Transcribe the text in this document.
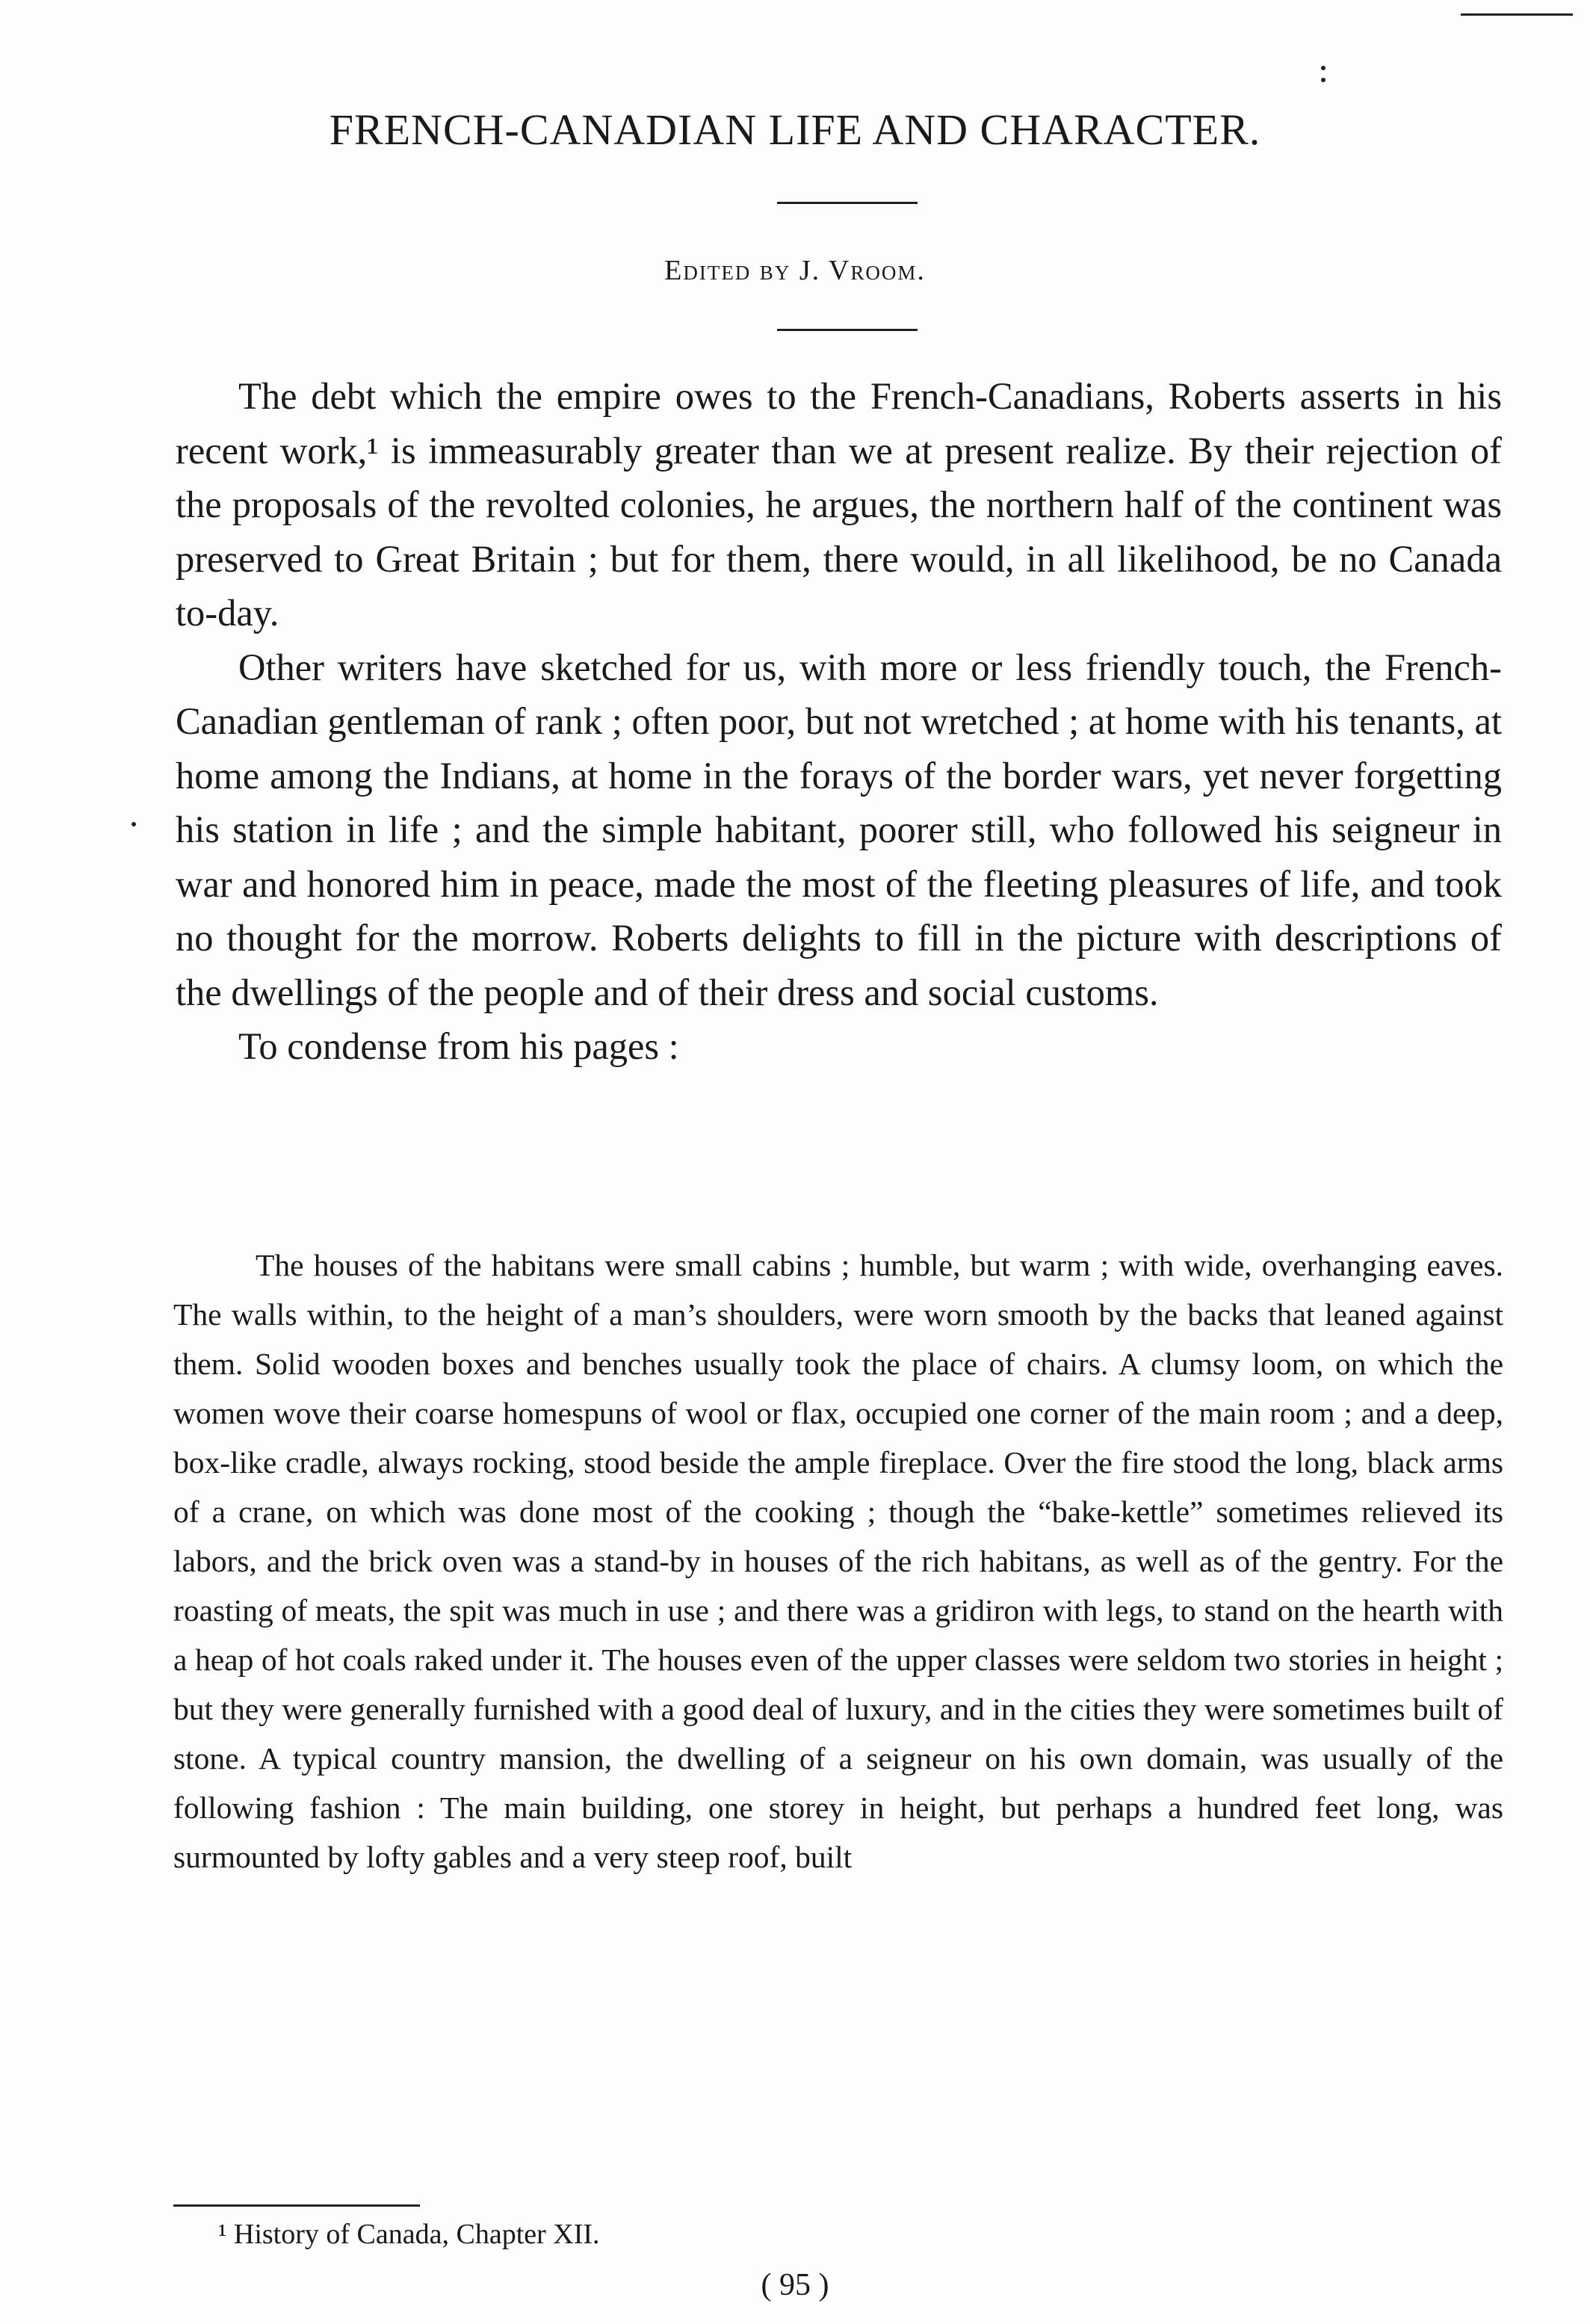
FRENCH-CANADIAN LIFE AND CHARACTER.
Edited by J. Vroom.

The debt which the empire owes to the French-Canadians, Roberts asserts in his recent work,¹ is immeasurably greater than we at present realize. By their rejection of the proposals of the revolted colonies, he argues, the northern half of the continent was preserved to Great Britain ; but for them, there would, in all likelihood, be no Canada to-day.

Other writers have sketched for us, with more or less friendly touch, the French-Canadian gentleman of rank ; often poor, but not wretched ; at home with his tenants, at home among the Indians, at home in the forays of the border wars, yet never forgetting his station in life ; and the simple habitant, poorer still, who followed his seigneur in war and honored him in peace, made the most of the fleeting pleasures of life, and took no thought for the morrow. Roberts delights to fill in the picture with descriptions of the dwellings of the people and of their dress and social customs.

To condense from his pages :

The houses of the habitans were small cabins ; humble, but warm ; with wide, overhanging eaves. The walls within, to the height of a man’s shoulders, were worn smooth by the backs that leaned against them. Solid wooden boxes and benches usually took the place of chairs. A clumsy loom, on which the women wove their coarse homespuns of wool or flax, occupied one corner of the main room ; and a deep, box-like cradle, always rocking, stood beside the ample fireplace. Over the fire stood the long, black arms of a crane, on which was done most of the cooking ; though the “bake-kettle” sometimes relieved its labors, and the brick oven was a stand-by in houses of the rich habitans, as well as of the gentry. For the roasting of meats, the spit was much in use ; and there was a gridiron with legs, to stand on the hearth with a heap of hot coals raked under it. The houses even of the upper classes were seldom two stories in height ; but they were generally furnished with a good deal of luxury, and in the cities they were sometimes built of stone. A typical country mansion, the dwelling of a seigneur on his own domain, was usually of the following fashion : The main building, one storey in height, but perhaps a hundred feet long, was surmounted by lofty gables and a very steep roof, built

¹ History of Canada, Chapter XII.
( 95 )
